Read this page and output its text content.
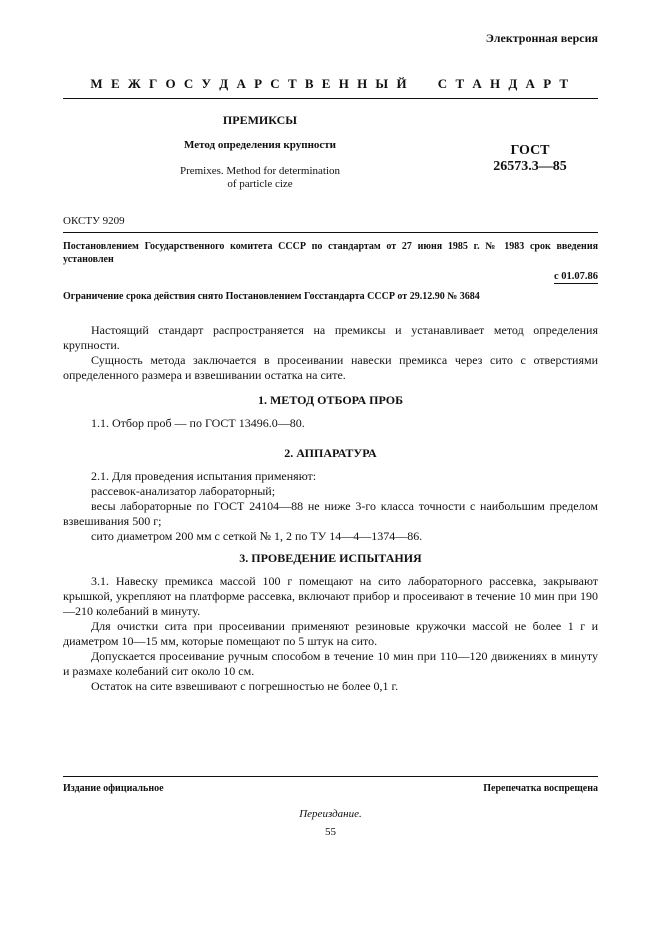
Электронная версия
М Е Ж Г О С У Д А Р С Т В Е Н Н Ы Й     С Т А Н Д А Р Т
ПРЕМИКСЫ
Метод определения крупности
Premixes. Method for determination
of particle cize
ГОСТ
26573.3—85
ОКСТУ 9209
Постановлением Государственного комитета СССР по стандартам от 27 июня 1985 г. № 1983 срок введения установлен
с 01.07.86
Ограничение срока действия снято Постановлением Госстандарта СССР от 29.12.90 № 3684

Настоящий стандарт распространяется на премиксы и устанавливает метод определения крупности.

Сущность метода заключается в просеивании навески премикса через сито с отверстиями определенного размера и взвешивании остатка на сите.

1. МЕТОД ОТБОРА ПРОБ

1.1. Отбор проб — по ГОСТ 13496.0—80.

2. АППАРАТУРА

2.1. Для проведения испытания применяют:

рассевок-анализатор лабораторный;

весы лабораторные по ГОСТ 24104—88 не ниже 3-го класса точности с наибольшим пределом взвешивания 500 г;

сито диаметром 200 мм с сеткой № 1, 2 по ТУ 14—4—1374—86.

3. ПРОВЕДЕНИЕ ИСПЫТАНИЯ

3.1. Навеску премикса массой 100 г помещают на сито лабораторного рассевка, закрывают крышкой, укрепляют на платформе рассевка, включают прибор и просеивают в течение 10 мин при 190—210 колебаний в минуту.

Для очистки сита при просеивании применяют резиновые кружочки массой не более 1 г и диаметром 10—15 мм, которые помещают по 5 штук на сито.

Допускается просеивание ручным способом в течение 10 мин при 110—120 движениях в минуту и размахе колебаний сит около 10 см.

Остаток на сите взвешивают с погрешностью не более 0,1 г.

Издание официальное	Перепечатка воспрещена
Переиздание.
55
